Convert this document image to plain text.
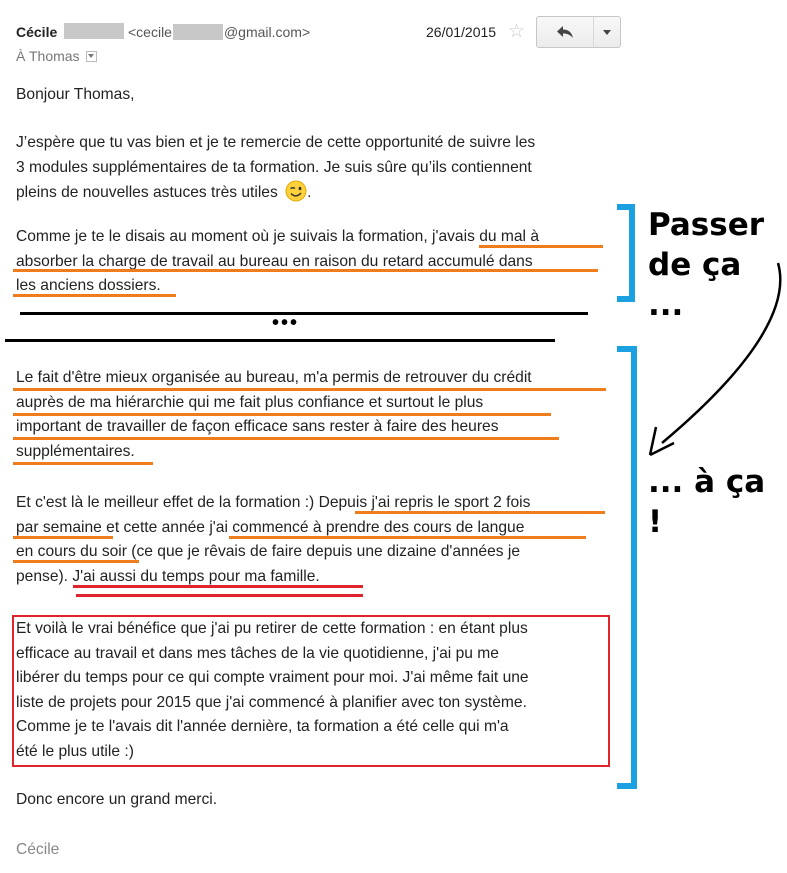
Cécile	<cecile	@gmail.com>	26/01/2015 ☆
À Thomas
Bonjour Thomas,
J’espère que tu vas bien et je te remercie de cette opportunité de suivre les
3 modules supplémentaires de ta formation. Je suis sûre qu’ils contiennent
pleins de nouvelles astuces très utiles .
Comme je te le disais au moment où je suivais la formation, j'avais du mal à
absorber la charge de travail au bureau en raison du retard accumulé dans
les anciens dossiers.
•••
Le fait d'être mieux organisée au bureau, m'a permis de retrouver du crédit
auprès de ma hiérarchie qui me fait plus confiance et surtout le plus
important de travailler de façon efficace sans rester à faire des heures
supplémentaires.
Et c'est là le meilleur effet de la formation :) Depuis j'ai repris le sport 2 fois
par semaine et cette année j'ai commencé à prendre des cours de langue
en cours du soir (ce que je rêvais de faire depuis une dizaine d'années je
pense). J'ai aussi du temps pour ma famille.
Et voilà le vrai bénéfice que j'ai pu retirer de cette formation : en étant plus
efficace au travail et dans mes tâches de la vie quotidienne, j'ai pu me
libérer du temps pour ce qui compte vraiment pour moi. J'ai même fait une
liste de projets pour 2015 que j'ai commencé à planifier avec ton système.
Comme je te l'avais dit l'année dernière, ta formation a été celle qui m'a
été le plus utile :)
Donc encore un grand merci.
Cécile
Passer
de ça ...
... à ça !
